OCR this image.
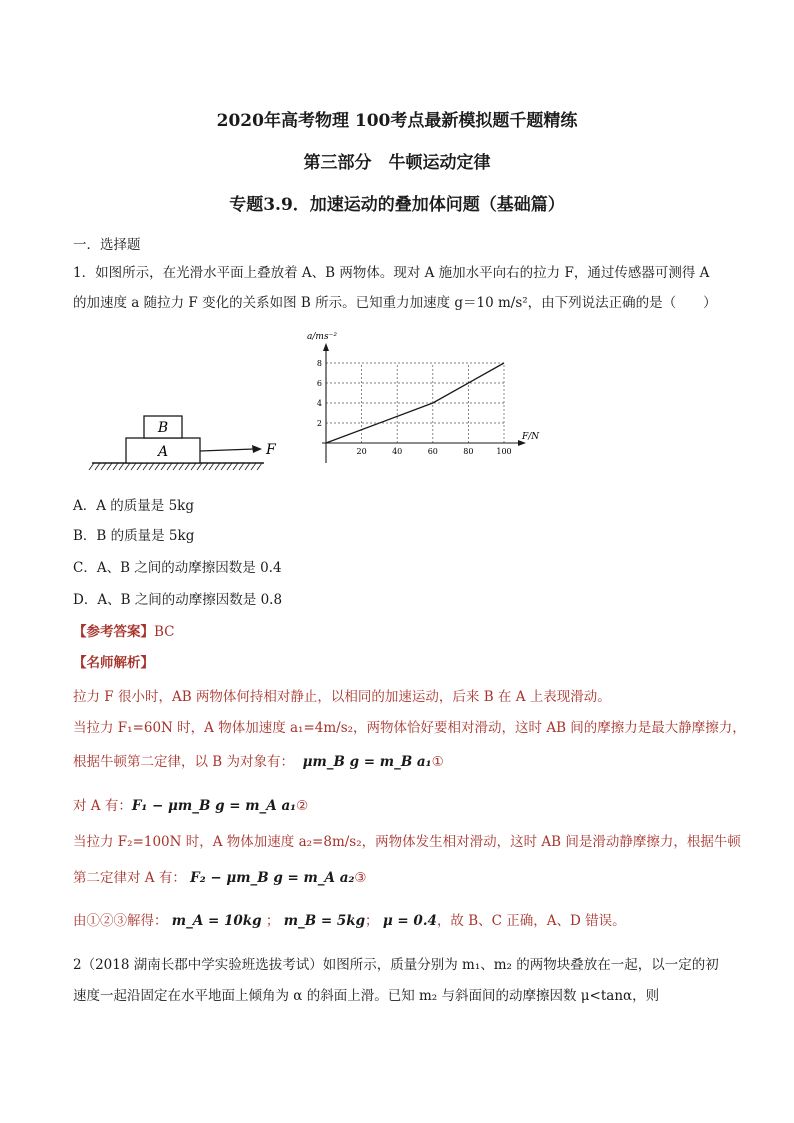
2020年高考物理 100考点最新模拟题千题精练
第三部分　牛顿运动定律
专题3.9．加速运动的叠加体问题（基础篇）
一．选择题
1．如图所示，在光滑水平面上叠放着 A、B 两物体。现对 A 施加水平向右的拉力 F，通过传感器可测得 A
的加速度 a 随拉力 F 变化的关系如图 B 所示。已知重力加速度 g＝10 m/s²，由下列说法正确的是（　　）
A
B
F	20	40	60	80	100
2
4
6
8
a/ms⁻²
F/N
A．A 的质量是 5kg
B．B 的质量是 5kg
C．A、B 之间的动摩擦因数是 0.4
D．A、B 之间的动摩擦因数是 0.8
【参考答案】BC
【名师解析】
拉力 F 很小时，AB 两物体何持相对静止，以相同的加速运动，后来 B 在 A 上表现滑动。
当拉力 F₁=60N 时，A 物体加速度 a₁=4m/s₂，两物体恰好要相对滑动，这时 AB 间的摩擦力是最大静摩擦力，
根据牛顿第二定律，以 B 为对象有： μm_B g = m_B a₁①
对 A 有：F₁ − μm_B g = m_A a₁②
当拉力 F₂=100N 时，A 物体加速度 a₂=8m/s₂，两物体发生相对滑动，这时 AB 间是滑动静摩擦力，根据牛顿
第二定律对 A 有： F₂ − μm_B g = m_A a₂③
由①②③解得： m_A = 10kg ； m_B = 5kg； μ = 0.4，故 B、C 正确，A、D 错误。
2（2018 湖南长郡中学实验班选拔考试）如图所示，质量分别为 m₁、m₂ 的两物块叠放在一起，以一定的初
速度一起沿固定在水平地面上倾角为 α 的斜面上滑。已知 m₂ 与斜面间的动摩擦因数 μ<tanα，则
